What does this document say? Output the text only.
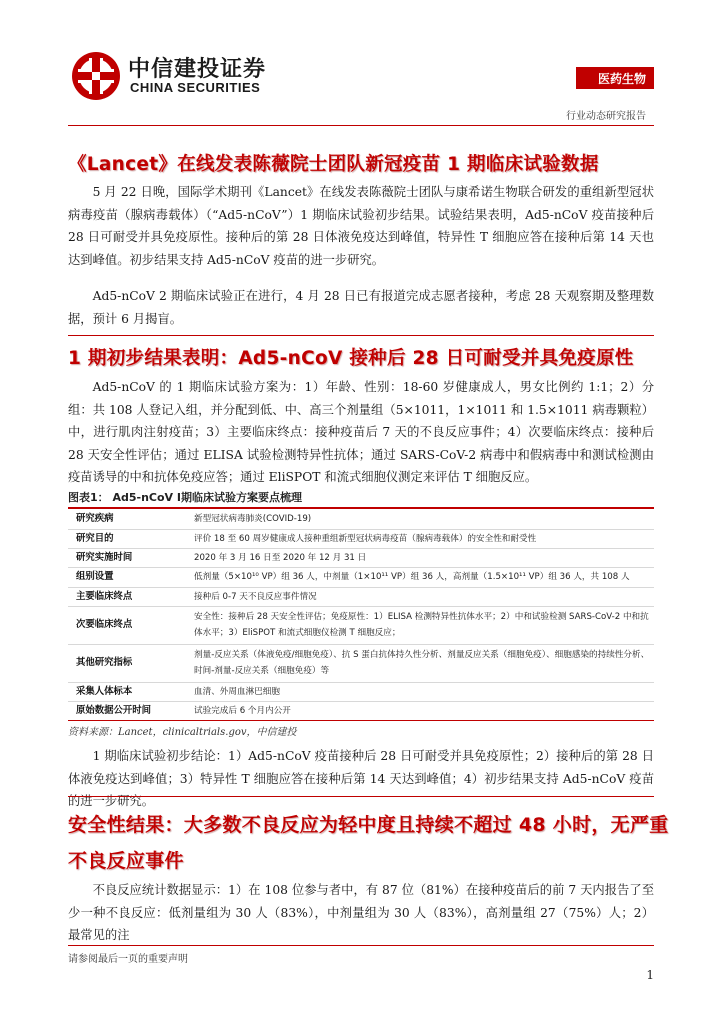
中信建投证券
CHINA SECURITIES
医药生物
行业动态研究报告
《Lancet》在线发表陈薇院士团队新冠疫苗 1 期临床试验数据

5 月 22 日晚，国际学术期刊《Lancet》在线发表陈薇院士团队与康希诺生物联合研发的重组新型冠状病毒疫苗（腺病毒载体）（“Ad5-nCoV”）1 期临床试验初步结果。试验结果表明，Ad5-nCoV 疫苗接种后 28 日可耐受并具免疫原性。接种后的第 28 日体液免疫达到峰值，特异性 T 细胞应答在接种后第 14 天也达到峰值。初步结果支持 Ad5-nCoV 疫苗的进一步研究。

Ad5-nCoV 2 期临床试验正在进行，4 月 28 日已有报道完成志愿者接种，考虑 28 天观察期及整理数据，预计 6 月揭盲。

1 期初步结果表明：Ad5-nCoV 接种后 28 日可耐受并具免疫原性

Ad5-nCoV 的 1 期临床试验方案为：1）年龄、性别：18-60 岁健康成人，男女比例约 1:1；2）分组：共 108 人登记入组，并分配到低、中、高三个剂量组（5×1011，1×1011 和 1.5×1011 病毒颗粒）中，进行肌肉注射疫苗；3）主要临床终点：接种疫苗后 7 天的不良反应事件；4）次要临床终点：接种后 28 天安全性评估；通过 ELISA 试验检测特异性抗体；通过 SARS-CoV-2 病毒中和假病毒中和测试检测由疫苗诱导的中和抗体免疫应答；通过 EliSPOT 和流式细胞仪测定来评估 T 细胞反应。

图表1： Ad5-nCoV Ⅰ期临床试验方案要点梳理
研究疾病	新型冠状病毒肺炎(COVID-19)
研究目的	评价 18 至 60 周岁健康成人接种重组新型冠状病毒疫苗（腺病毒载体）的安全性和耐受性
研究实施时间	2020 年 3 月 16 日至 2020 年 12 月 31 日
组别设置	低剂量（5×10¹⁰ VP）组 36 人，中剂量（1×10¹¹ VP）组 36 人，高剂量（1.5×10¹¹ VP）组 36 人，共 108 人
主要临床终点	接种后 0-7 天不良反应事件情况
次要临床终点	安全性：接种后 28 天安全性评估；免疫原性：1）ELISA 检测特异性抗体水平；2）中和试验检测 SARS-CoV-2 中和抗体水平；3）EliSPOT 和流式细胞仪检测 T 细胞反应；
其他研究指标	剂量-反应关系（体液免疫/细胞免疫）、抗 S 蛋白抗体持久性分析、剂量反应关系（细胞免疫）、细胞感染的持续性分析、时间-剂量-反应关系（细胞免疫）等
采集人体标本	血清、外周血淋巴细胞
原始数据公开时间	试验完成后 6 个月内公开
资料来源：Lancet，clinicaltrials.gov，中信建投

1 期临床试验初步结论：1）Ad5-nCoV 疫苗接种后 28 日可耐受并具免疫原性；2）接种后的第 28 日体液免疫达到峰值；3）特异性 T 细胞应答在接种后第 14 天达到峰值；4）初步结果支持 Ad5-nCoV 疫苗的进一步研究。

安全性结果：大多数不良反应为轻中度且持续不超过 48 小时，无严重
不良反应事件

不良反应统计数据显示：1）在 108 位参与者中，有 87 位（81%）在接种疫苗后的前 7 天内报告了至少一种不良反应：低剂量组为 30 人（83%），中剂量组为 30 人（83%），高剂量组 27（75%）人；2）最常见的注

请参阅最后一页的重要声明
1
